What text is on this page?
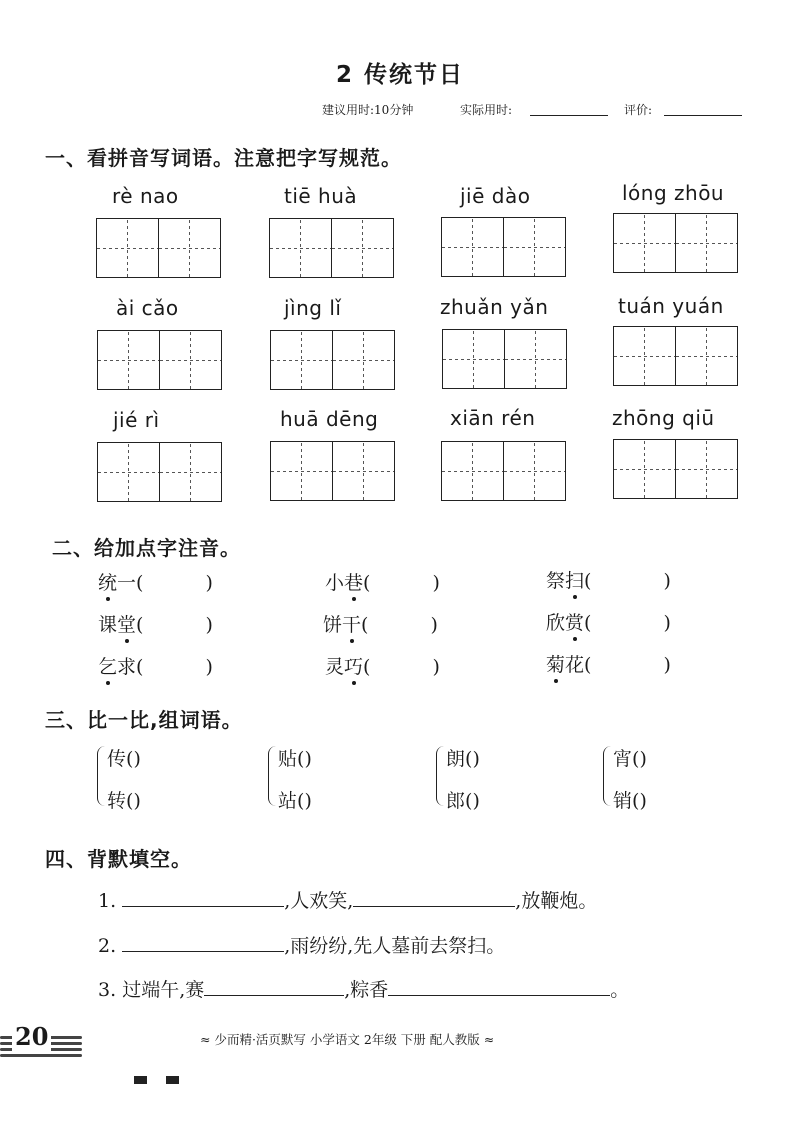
2 传统节日
建议用时:10分钟	实际用时:	评价:
一、看拼音写词语。注意把字写规范。
rè nao	tiē huà	jiē dào	lóng zhōu
ài cǎo	jìng lǐ	zhuǎn yǎn	tuán yuán
jié rì	huā dēng	xiān rén	zhōng qiū
二、给加点字注音。
统一(	)	小巷(	)	祭扫(	)
课堂(	)	饼干(	)	欣赏(	)
乞求(	)	灵巧(	)	菊花(	)
三、比一比,组词语。
传()
转()
贴()
站()
朗()
郎()
宵()
销()
四、背默填空。
1.	,人欢笑,	,放鞭炮。
2.	,雨纷纷,先人墓前去祭扫。
3. 过端午,赛	,粽香	。
20	≈ 少而精·活页默写 小学语文 2年级 下册 配人教版 ≈
